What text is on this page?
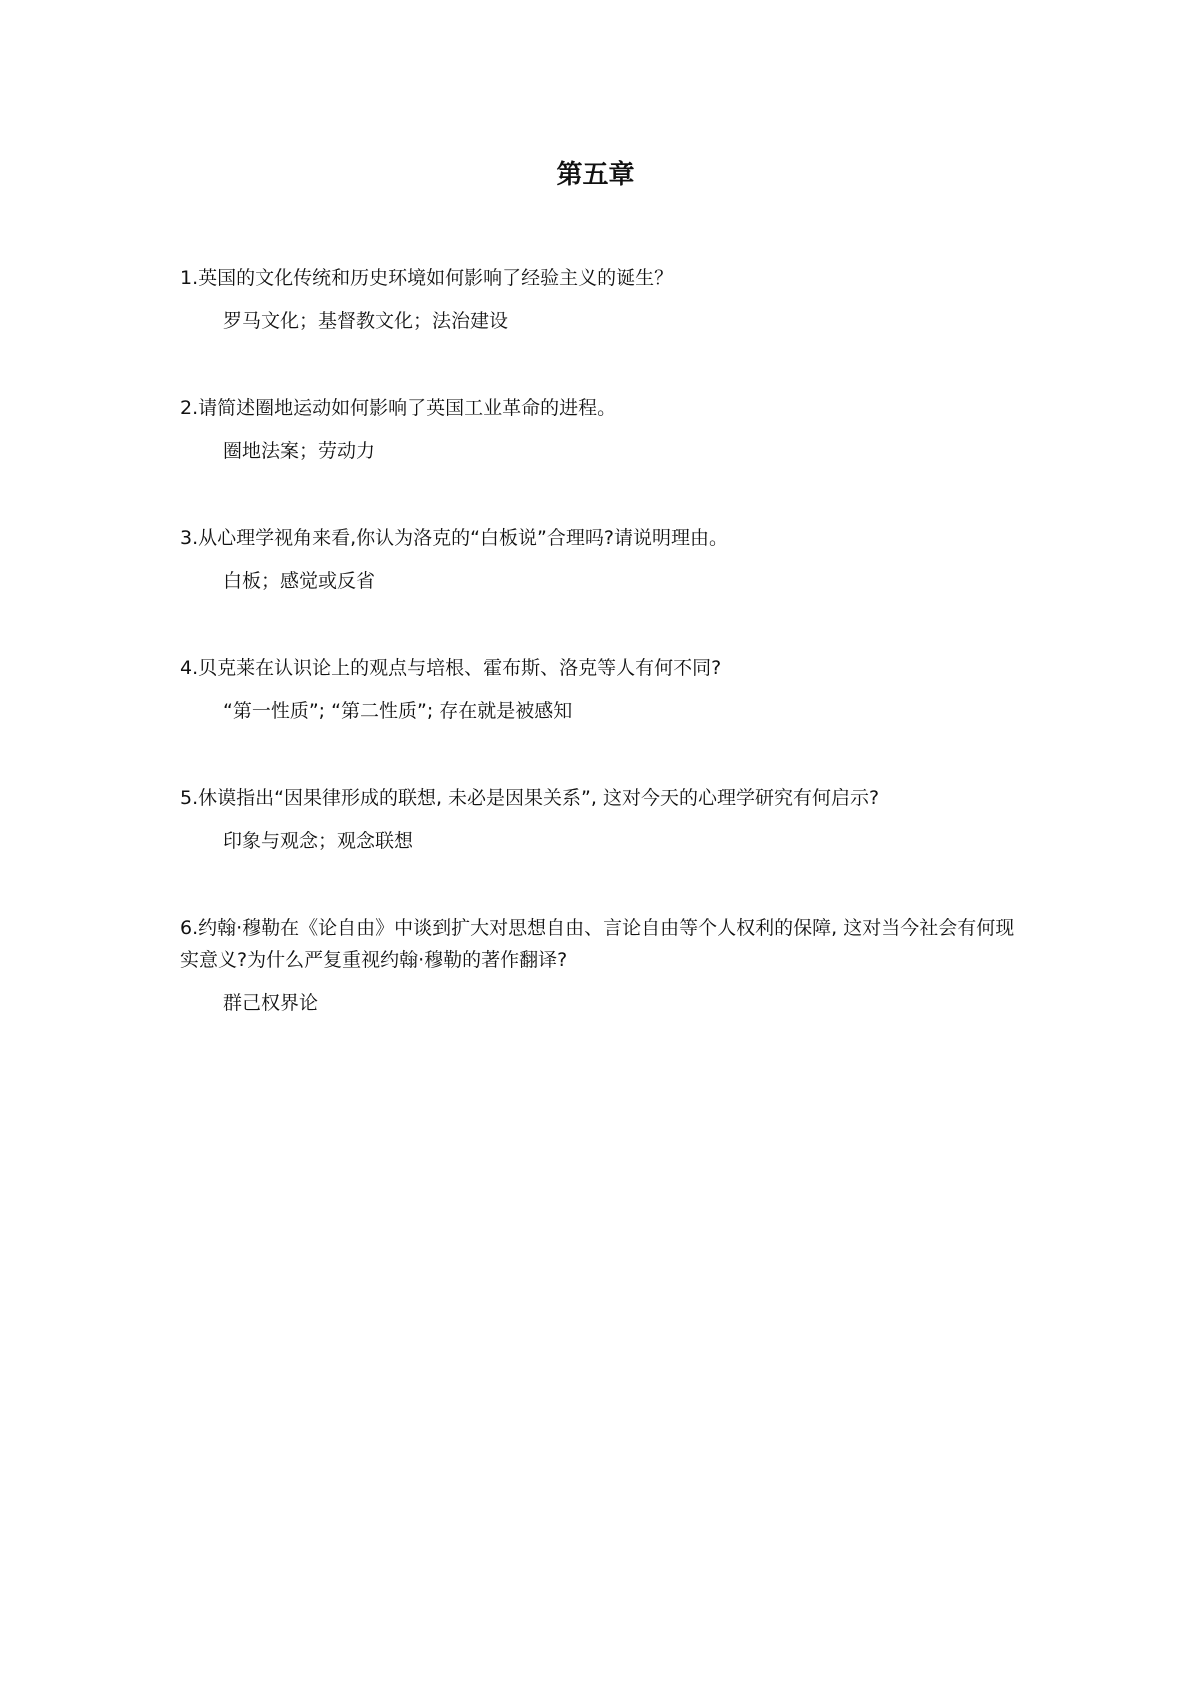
第五章

1.英国的文化传统和历史环境如何影响了经验主义的诞生？

罗马文化；基督教文化；法治建设

2.请简述圈地运动如何影响了英国工业革命的进程。

圈地法案；劳动力

3.从心理学视角来看,你认为洛克的“白板说”合理吗?请说明理由。

白板；感觉或反省

4.贝克莱在认识论上的观点与培根、霍布斯、洛克等人有何不同?

“第一性质”; “第二性质”; 存在就是被感知

5.休谟指出“因果律形成的联想, 未必是因果关系”, 这对今天的心理学研究有何启示?

印象与观念；观念联想

6.约翰·穆勒在《论自由》中谈到扩大对思想自由、言论自由等个人权利的保障, 这对当今社会有何现实意义?为什么严复重视约翰·穆勒的著作翻译?

群己权界论
